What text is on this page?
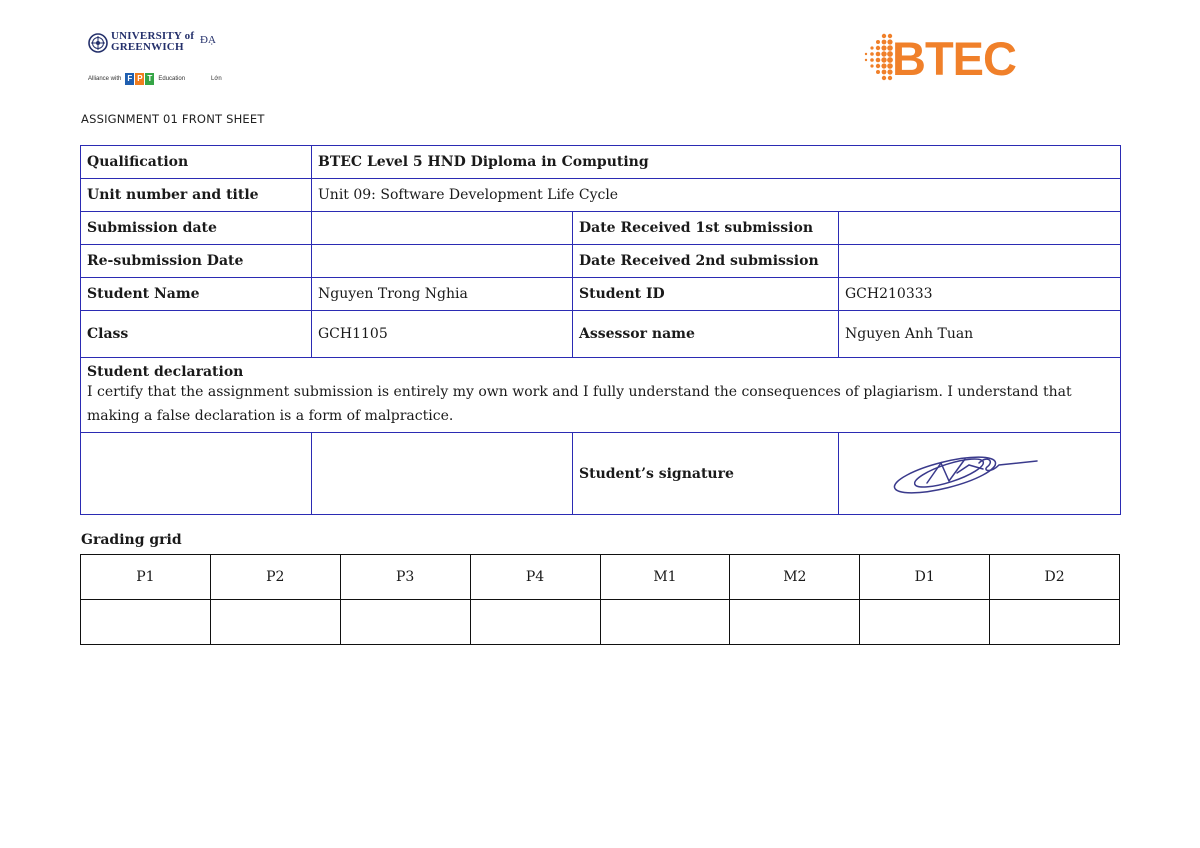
UNIVERSITY of
GREENWICH
ĐẠ
Alliance with F P T	Education	Lớn	BTEC
ASSIGNMENT 01 FRONT SHEET
Qualification	BTEC Level 5 HND Diploma in Computing		
Unit number and title	Unit 09: Software Development Life Cycle		
Submission date		Date Received 1st submission	
Re-submission Date		Date Received 2nd submission	
Student Name	Nguyen Trong Nghia	Student ID	GCH210333
Class	GCH1105	Assessor name	Nguyen Anh Tuan

Student declaration
I certify that the assignment submission is entirely my own work and I fully understand the consequences of plagiarism. I understand that making a false declaration is a form of malpractice.			

		Student’s signature	
Grading grid
P1	P2	P3	P4	M1	M2	D1	D2
